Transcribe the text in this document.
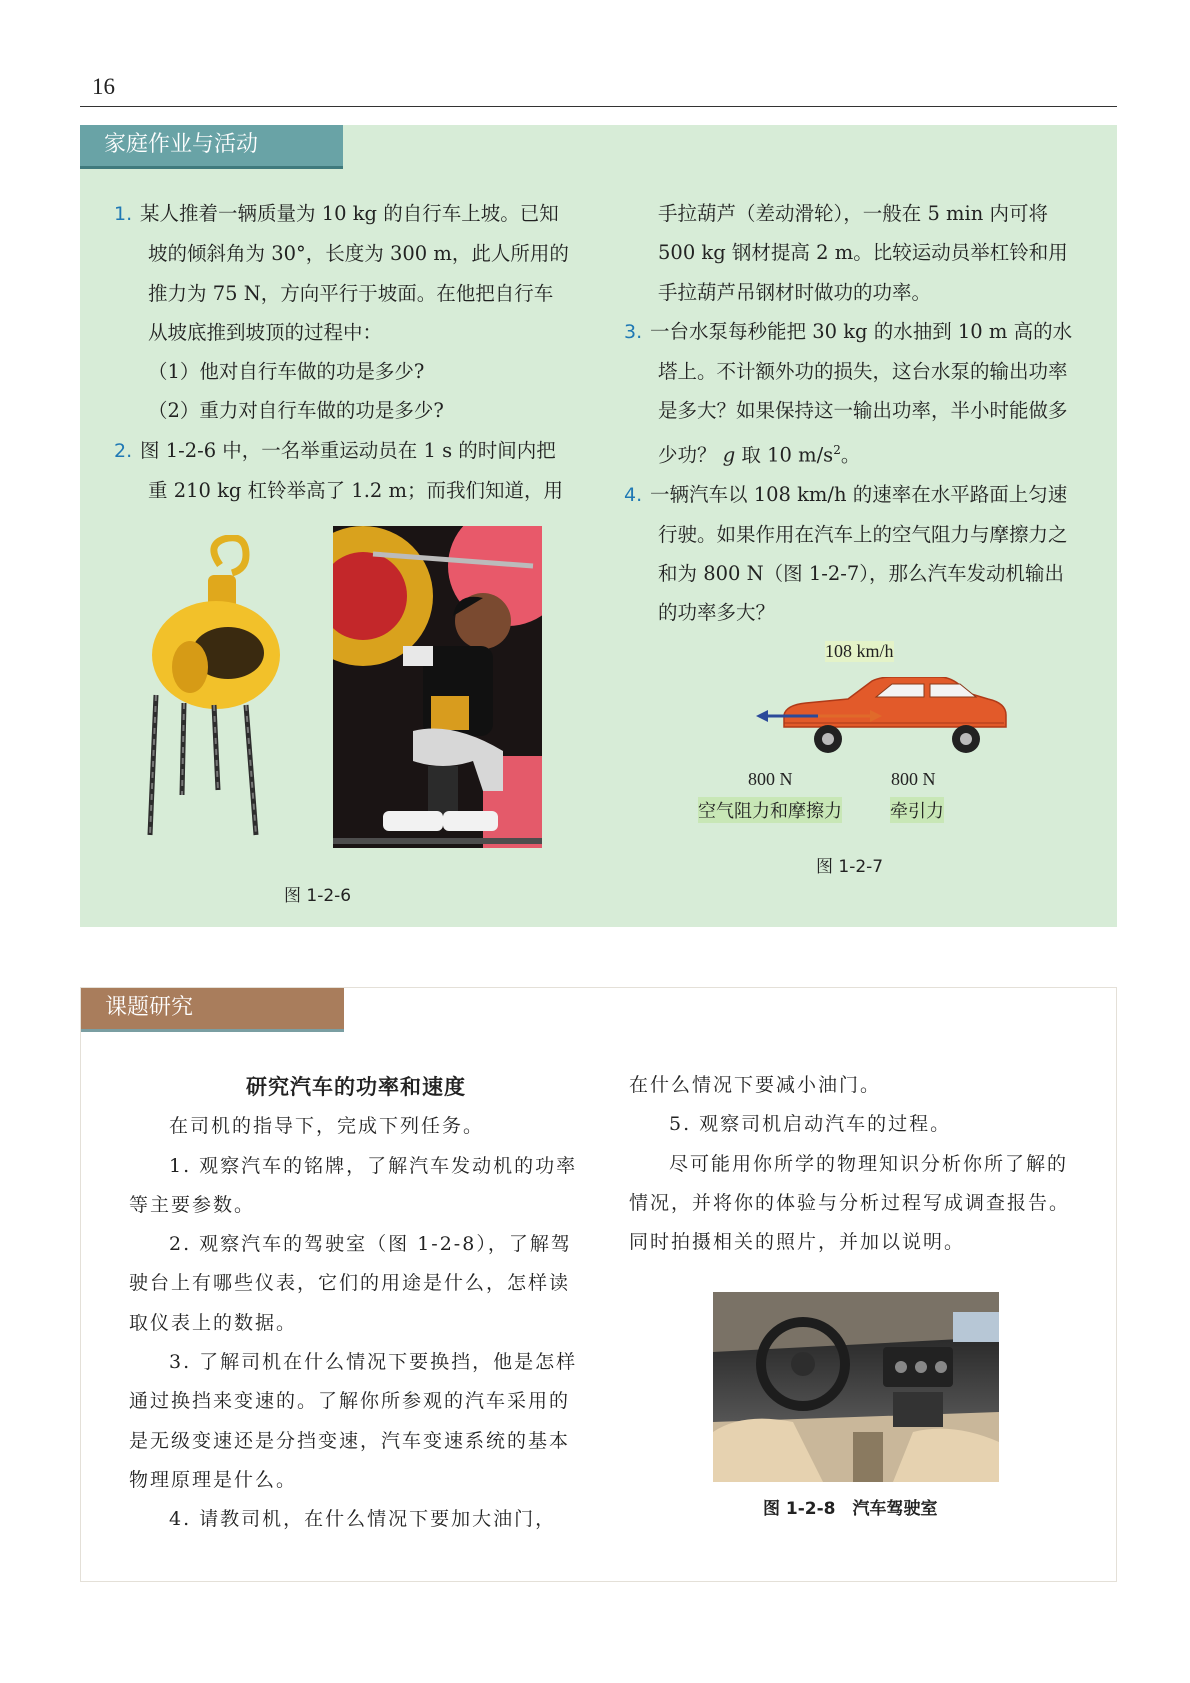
16
家庭作业与活动

1. 某人推着一辆质量为 10 kg 的自行车上坡。已知坡的倾斜角为 30°，长度为 300 m，此人所用的推力为 75 N，方向平行于坡面。在他把自行车从坡底推到坡顶的过程中：

（1）他对自行车做的功是多少?

（2）重力对自行车做的功是多少?

2. 图 1-2-6 中，一名举重运动员在 1 s 的时间内把重 210 kg 杠铃举高了 1.2 m；而我们知道，用

图 1-2-6

手拉葫芦（差动滑轮），一般在 5 min 内可将 500 kg 钢材提高 2 m。比较运动员举杠铃和用手拉葫芦吊钢材时做功的功率。

3. 一台水泵每秒能把 30 kg 的水抽到 10 m 高的水塔上。不计额外功的损失，这台水泵的输出功率是多大？如果保持这一输出功率，半小时能做多少功？ g 取 10 $m/s^2$。

4. 一辆汽车以 108 km/h 的速率在水平路面上匀速行驶。如果作用在汽车上的空气阻力与摩擦力之和为 800 N（图 1-2-7），那么汽车发动机输出的功率多大？

108 km/h
800 N	800 N
空气阻力和摩擦力	牵引力
图 1-2-7
课题研究

研究汽车的功率和速度

在司机的指导下，完成下列任务。

1. 观察汽车的铭牌，了解汽车发动机的功率等主要参数。

2. 观察汽车的驾驶室（图 1-2-8），了解驾驶台上有哪些仪表，它们的用途是什么，怎样读取仪表上的数据。

3. 了解司机在什么情况下要换挡，他是怎样通过换挡来变速的。了解你所参观的汽车采用的是无级变速还是分挡变速，汽车变速系统的基本物理原理是什么。

4. 请教司机，在什么情况下要加大油门，

在什么情况下要减小油门。

5. 观察司机启动汽车的过程。

尽可能用你所学的物理知识分析你所了解的情况，并将你的体验与分析过程写成调查报告。同时拍摄相关的照片，并加以说明。

图 1-2-8　汽车驾驶室
